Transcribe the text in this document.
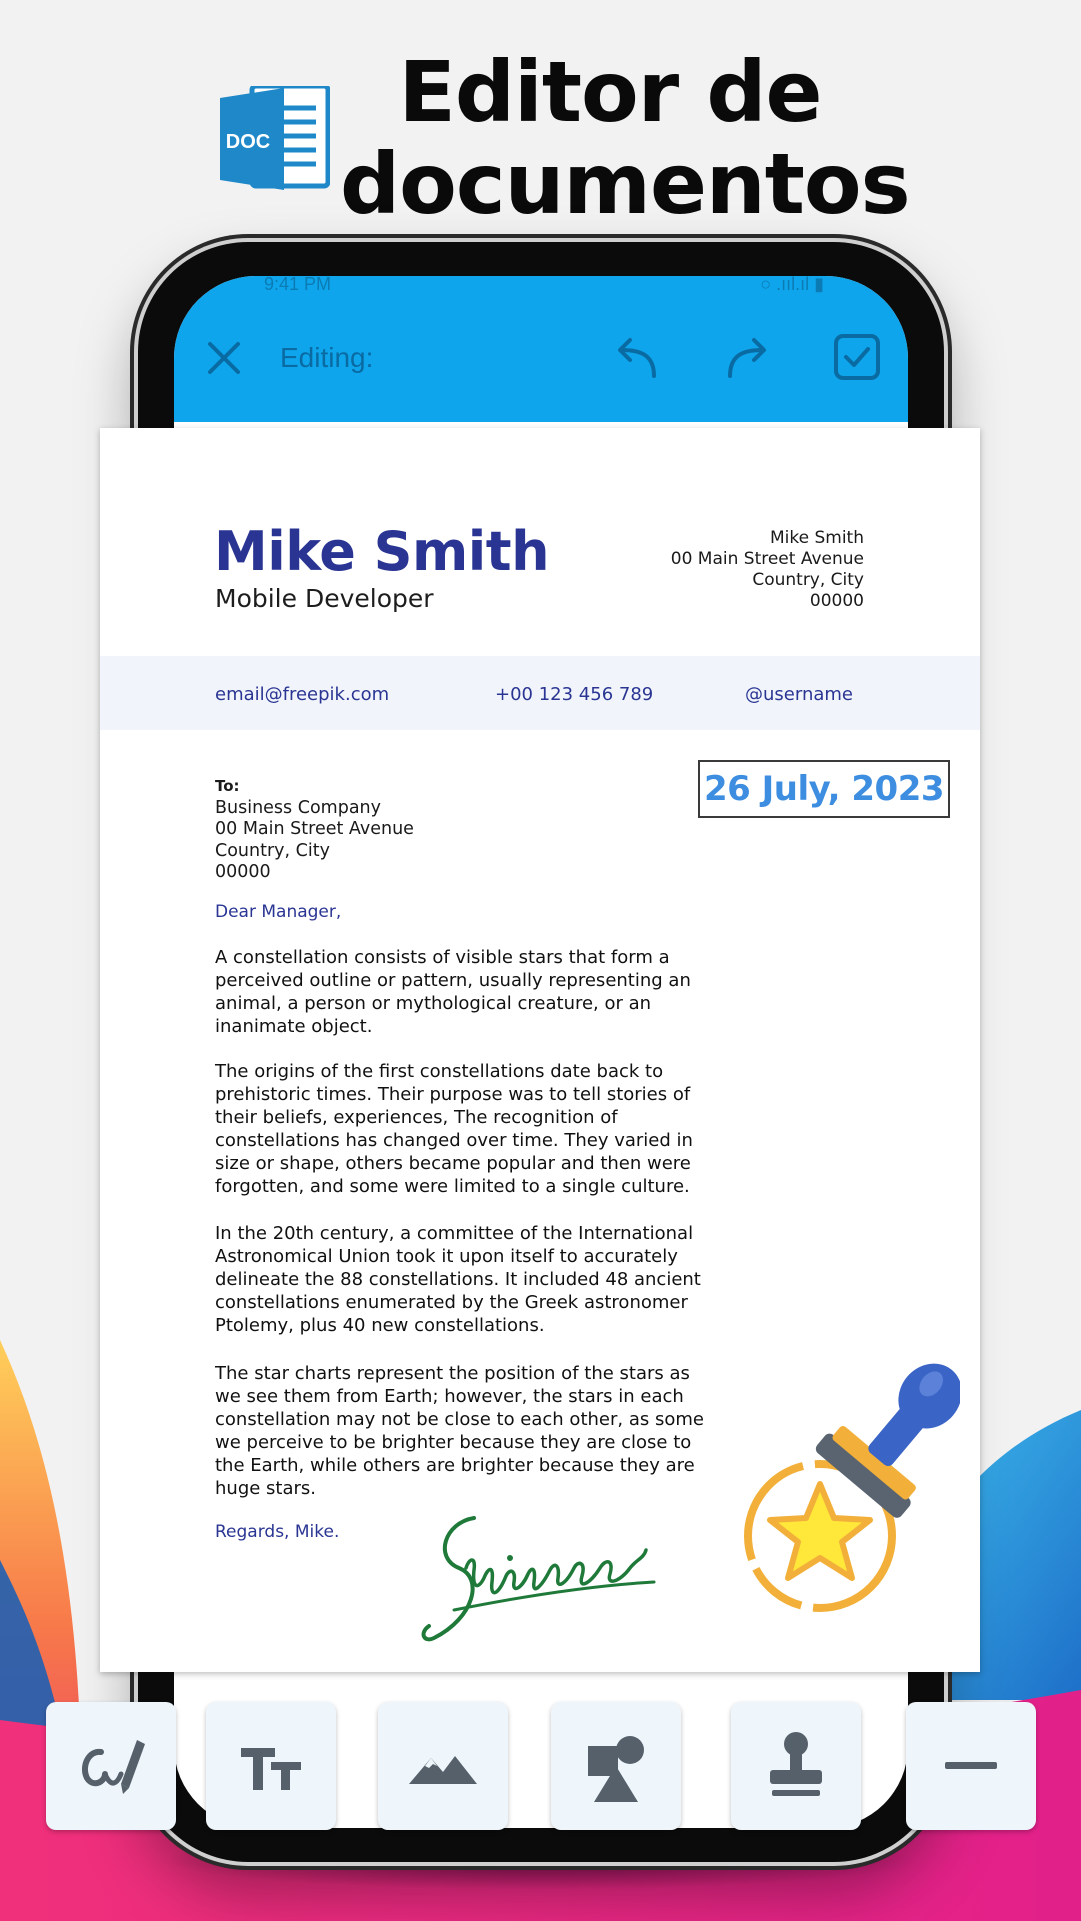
DOC
Editor de
documentos
9:41 PM	○ .ııl.ıl ▮
Editing:
Mike Smith
Mobile Developer
Mike Smith
00 Main Street Avenue
Country, City
00000
email@freepik.com	+00 123 456 789	@username
26 July, 2023
To:
Business Company
00 Main Street Avenue
Country, City
00000
Dear Manager,
A constellation consists of visible stars that form a perceived outline or pattern, usually representing an animal, a person or mythological creature, or an inanimate object.
The origins of the first constellations date back to prehistoric times. Their purpose was to tell stories of their beliefs, experiences, The recognition of constellations has changed over time. They varied in size or shape, others became popular and then were forgotten, and some were limited to a single culture.
In the 20th century, a committee of the International Astronomical Union took it upon itself to accurately delineate the 88 constellations. It included 48 ancient constellations enumerated by the Greek astronomer Ptolemy, plus 40 new constellations.
The star charts represent the position of the stars as we see them from Earth; however, the stars in each constellation may not be close to each other, as some we perceive to be brighter because they are close to the Earth, while others are brighter because they are huge stars.
Regards, Mike.
